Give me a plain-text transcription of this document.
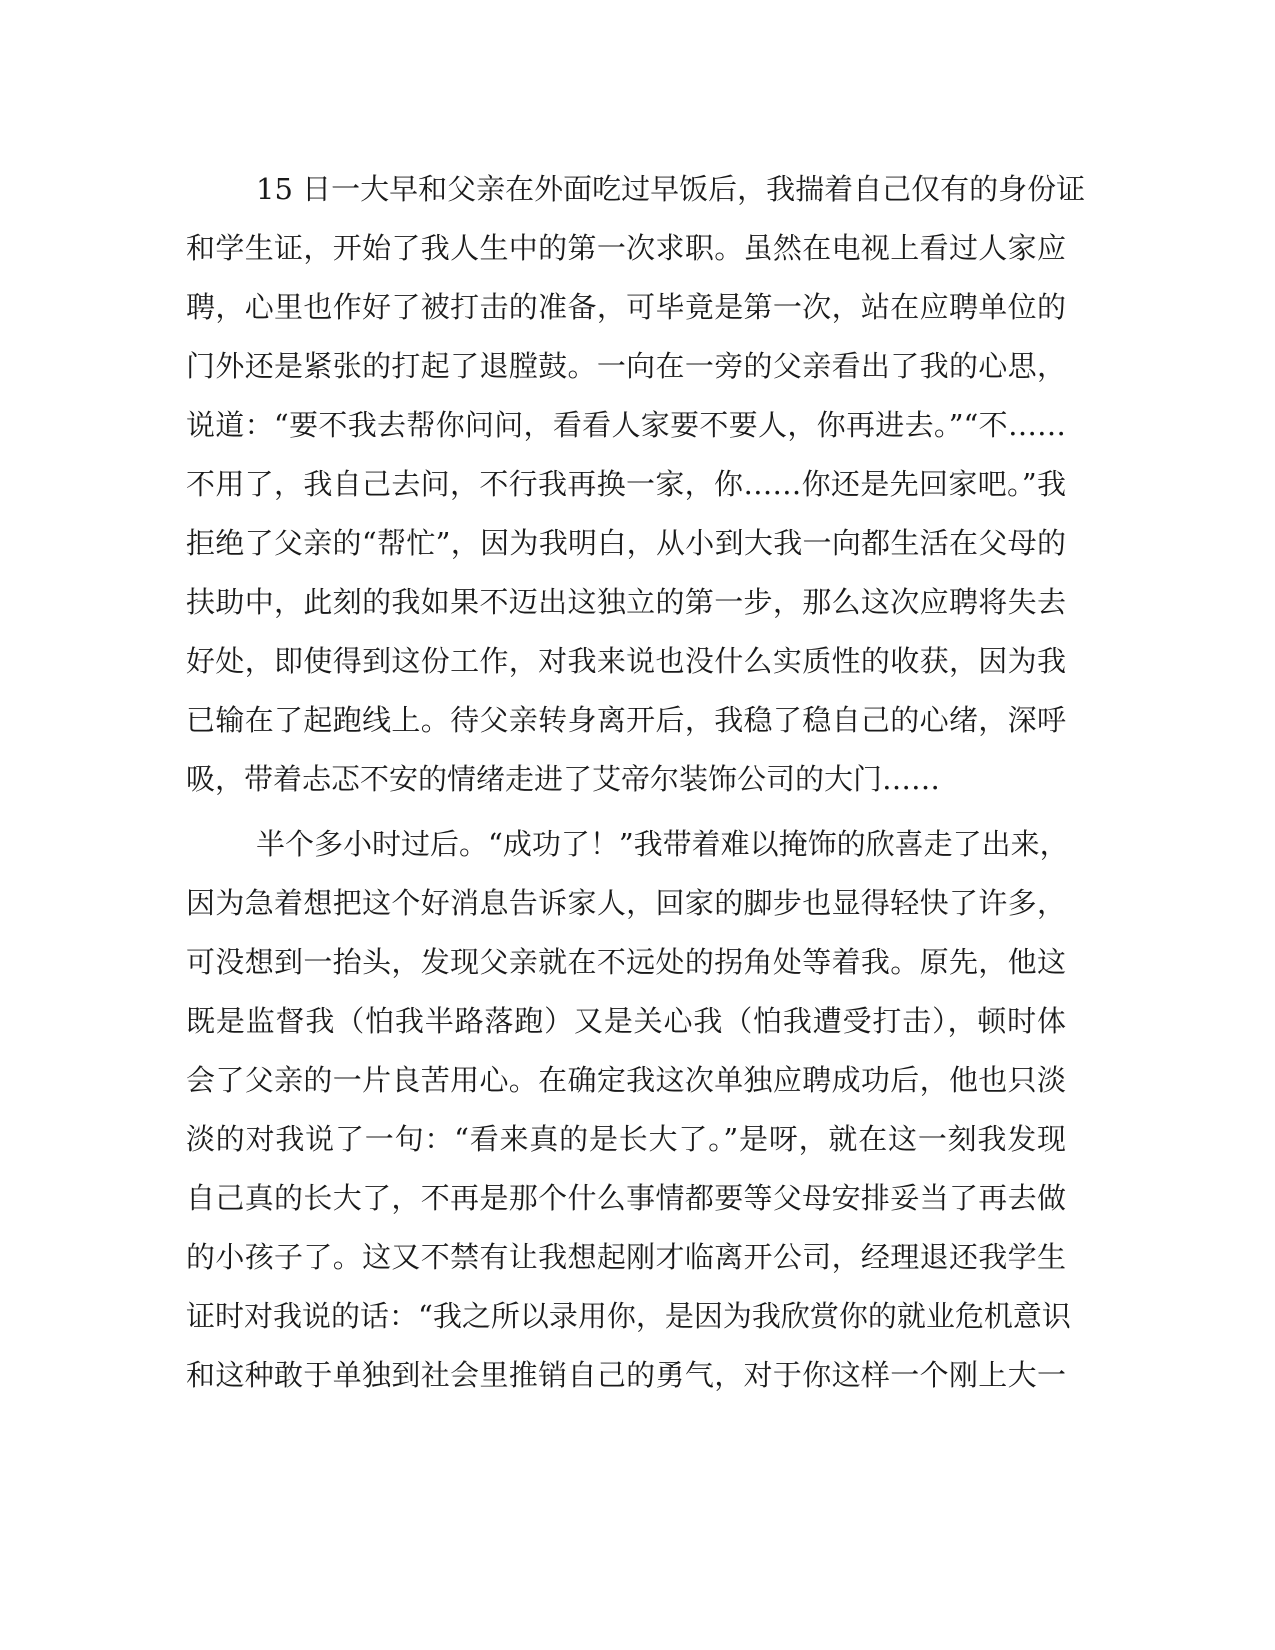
15 日一大早和父亲在外面吃过早饭后，我揣着自己仅有的身份证
和学生证，开始了我人生中的第一次求职。虽然在电视上看过人家应
聘，心里也作好了被打击的准备，可毕竟是第一次，站在应聘单位的
门外还是紧张的打起了退膛鼓。一向在一旁的父亲看出了我的心思，
说道：“要不我去帮你问问，看看人家要不要人，你再进去。”“不……
不用了，我自己去问，不行我再换一家，你……你还是先回家吧。”我
拒绝了父亲的“帮忙”，因为我明白，从小到大我一向都生活在父母的
扶助中，此刻的我如果不迈出这独立的第一步，那么这次应聘将失去
好处，即使得到这份工作，对我来说也没什么实质性的收获，因为我
已输在了起跑线上。待父亲转身离开后，我稳了稳自己的心绪，深呼
吸，带着忐忑不安的情绪走进了艾帝尔装饰公司的大门……
半个多小时过后。“成功了！”我带着难以掩饰的欣喜走了出来，
因为急着想把这个好消息告诉家人，回家的脚步也显得轻快了许多，
可没想到一抬头，发现父亲就在不远处的拐角处等着我。原先，他这
既是监督我（怕我半路落跑）又是关心我（怕我遭受打击），顿时体
会了父亲的一片良苦用心。在确定我这次单独应聘成功后，他也只淡
淡的对我说了一句：“看来真的是长大了。”是呀，就在这一刻我发现
自己真的长大了，不再是那个什么事情都要等父母安排妥当了再去做
的小孩子了。这又不禁有让我想起刚才临离开公司，经理退还我学生
证时对我说的话：“我之所以录用你，是因为我欣赏你的就业危机意识
和这种敢于单独到社会里推销自己的勇气，对于你这样一个刚上大一
